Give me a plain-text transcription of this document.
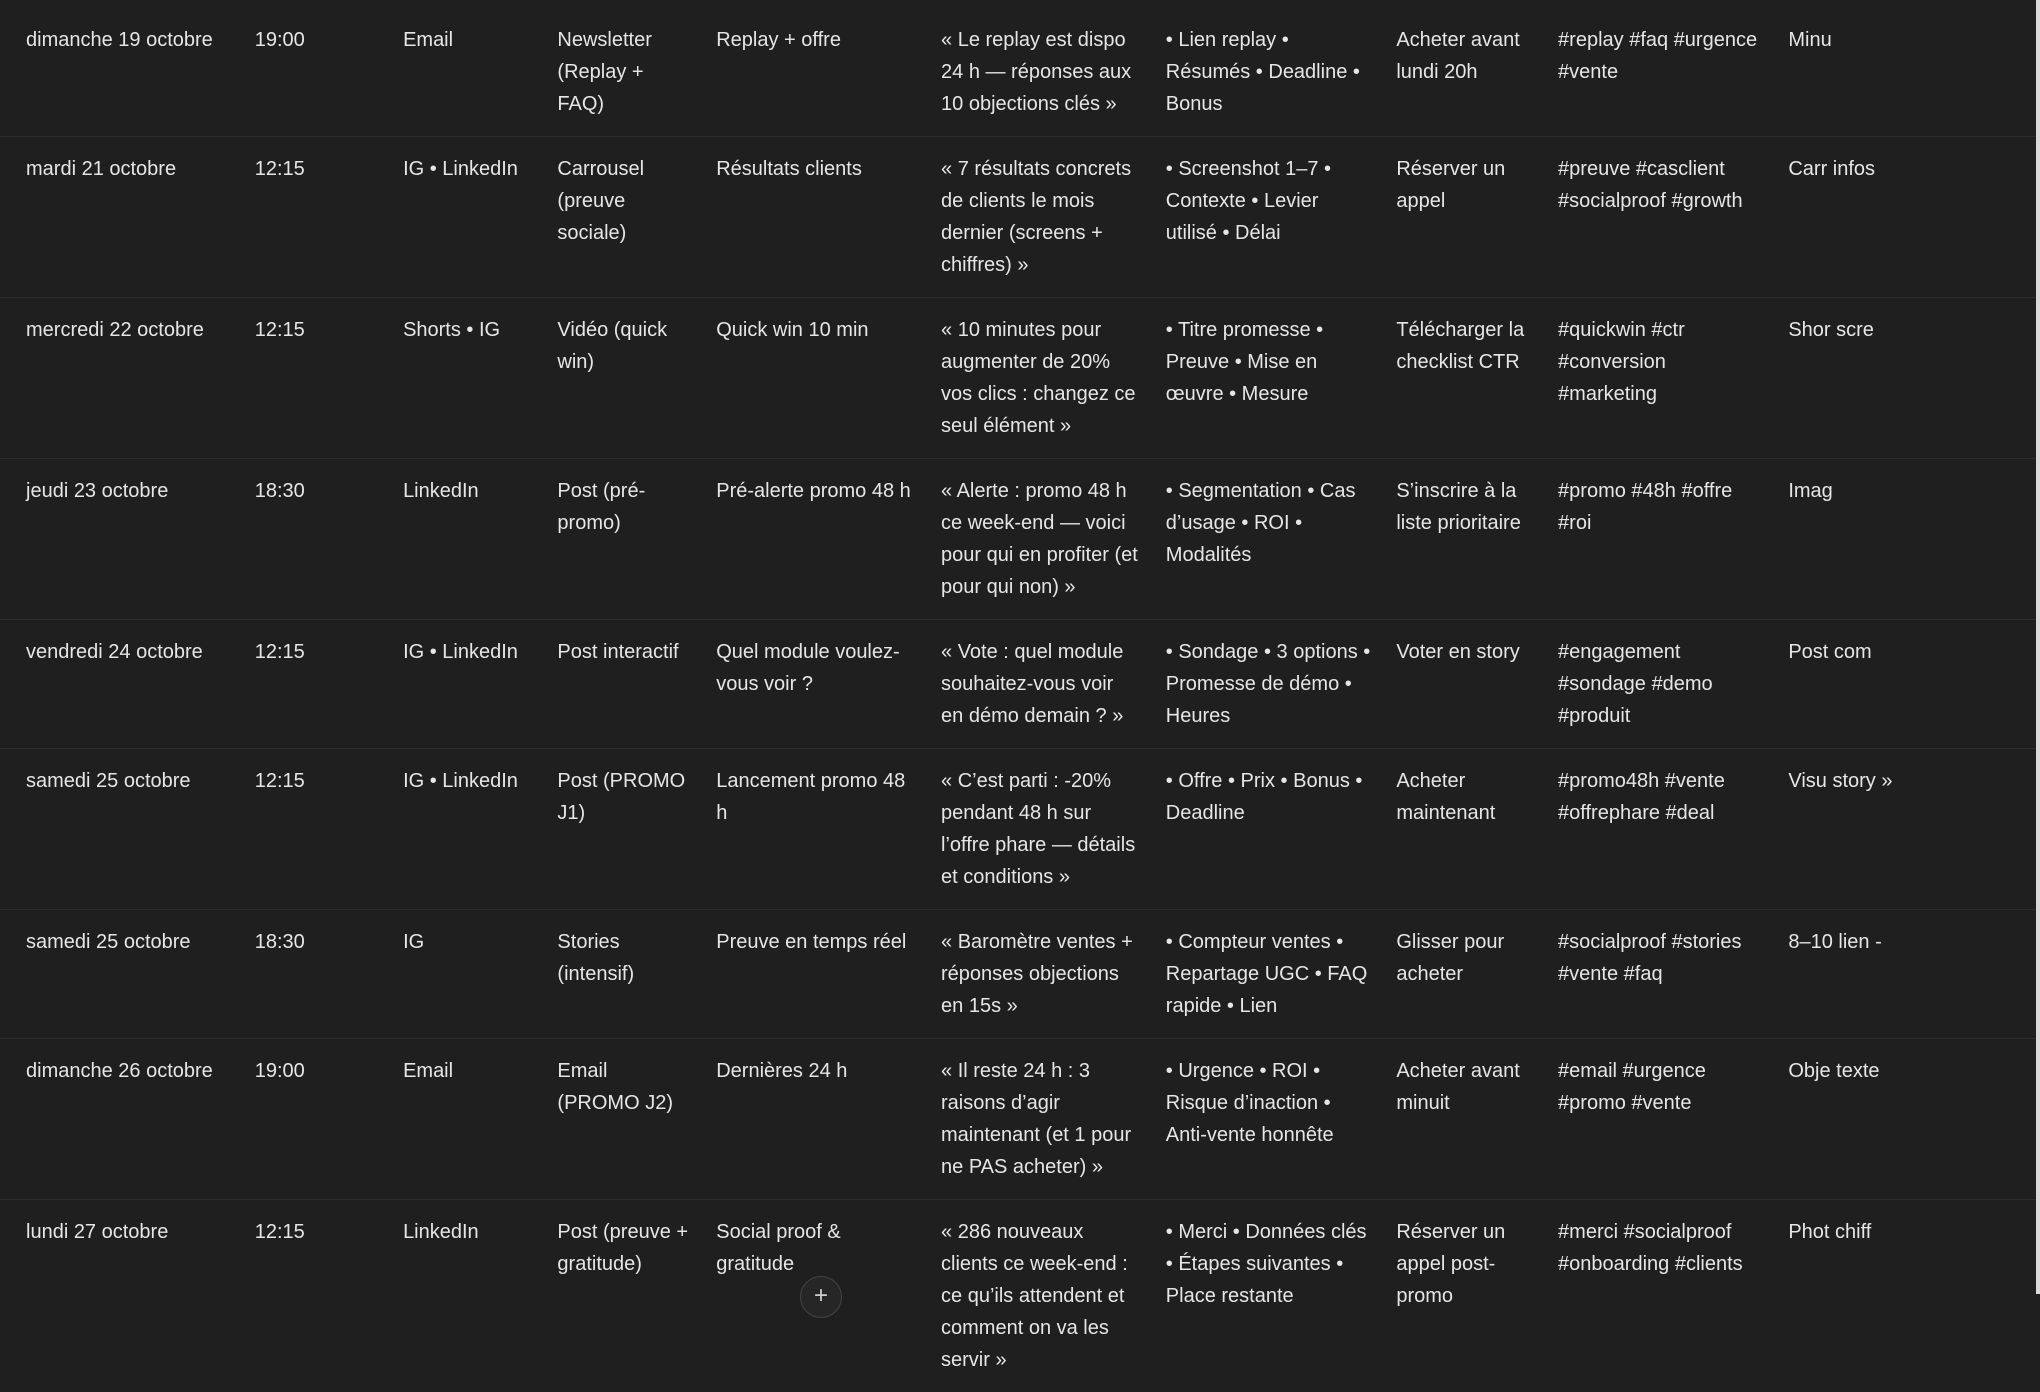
dimanche 19 octobre	19:00	Email	Newsletter (Replay + FAQ)	Replay + offre	« Le replay est dispo 24 h — réponses aux 10 objections clés »	• Lien replay • Résumés • Deadline • Bonus	Acheter avant lundi 20h	#replay #faq #urgence #vente	Minu
mardi 21 octobre	12:15	IG • LinkedIn	Carrousel (preuve sociale)	Résultats clients	« 7 résultats concrets de clients le mois dernier (screens + chiffres) »	• Screenshot 1–7 • Contexte • Levier utilisé • Délai	Réserver un appel	#preuve #casclient #socialproof #growth	Carr infos
mercredi 22 octobre	12:15	Shorts • IG	Vidéo (quick win)	Quick win 10 min	« 10 minutes pour augmenter de 20% vos clics : changez ce seul élément »	• Titre promesse • Preuve • Mise en œuvre • Mesure	Télécharger la checklist CTR	#quickwin #ctr #conversion #marketing	Shor scre
jeudi 23 octobre	18:30	LinkedIn	Post (pré-promo)	Pré-alerte promo 48 h	« Alerte : promo 48 h ce week-end — voici pour qui en profiter (et pour qui non) »	• Segmentation • Cas d’usage • ROI • Modalités	S’inscrire à la liste prioritaire	#promo #48h #offre #roi	Imag
vendredi 24 octobre	12:15	IG • LinkedIn	Post interactif	Quel module voulez-vous voir ?	« Vote : quel module souhaitez-vous voir en démo demain ? »	• Sondage • 3 options • Promesse de démo • Heures	Voter en story	#engagement #sondage #demo #produit	Post com
samedi 25 octobre	12:15	IG • LinkedIn	Post (PROMO J1)	Lancement promo 48 h	« C’est parti : -20% pendant 48 h sur l’offre phare — détails et conditions »	• Offre • Prix • Bonus • Deadline	Acheter maintenant	#promo48h #vente #offrephare #deal	Visu story »
samedi 25 octobre	18:30	IG	Stories (intensif)	Preuve en temps réel	« Baromètre ventes + réponses objections en 15s »	• Compteur ventes • Repartage UGC • FAQ rapide • Lien	Glisser pour acheter	#socialproof #stories #vente #faq	8–10 lien -
dimanche 26 octobre	19:00	Email	Email (PROMO J2)	Dernières 24 h	« Il reste 24 h : 3 raisons d’agir maintenant (et 1 pour ne PAS acheter) »	• Urgence • ROI • Risque d’inaction • Anti-vente honnête	Acheter avant minuit	#email #urgence #promo #vente	Obje texte
lundi 27 octobre	12:15	LinkedIn	Post (preuve + gratitude)	Social proof & gratitude	« 286 nouveaux clients ce week-end : ce qu’ils attendent et comment on va les servir »	• Merci • Données clés • Étapes suivantes • Place restante	Réserver un appel post-promo	#merci #socialproof #onboarding #clients	Phot chiff
+
